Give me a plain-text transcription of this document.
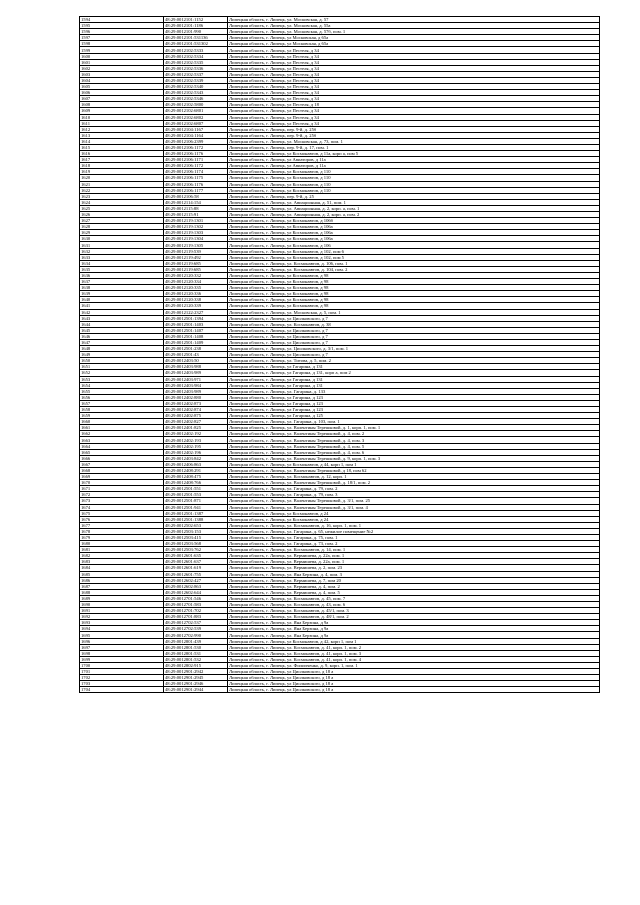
1594	48:29:0012101:1152	Липецкая область, г. Липецк, ул. Московская, д. 57
1595	48:29:0012101:1186	Липецкая область, г. Липецк, ул. Московская, д. 55а
1596	48:29:0012101:990	Липецкая область, г. Липецк, ул. Московская, д. 57б, пом. 1
1597	48:29:0012101:531136	Липецкая область, г. Липецк, ул Московская, д 65а
1598	48:29:0012101:531302	Липецкая область, г. Липецк, ул Московская, д 65а
1599	48:29:0012102:5333	Липецкая область, г. Липецк, ул Пестеля, д 34
1600	48:29:0012102:5334	Липецкая область, г. Липецк, ул Пестеля, д 34
1601	48:29:0012102:5335	Липецкая область, г. Липецк, ул Пестеля, д 34
1602	48:29:0012102:5336	Липецкая область, г. Липецк, ул Пестеля, д 34
1603	48:29:0012102:5337	Липецкая область, г. Липецк, ул Пестеля, д 34
1604	48:29:0012102:5339	Липецкая область, г. Липецк, ул Пестеля, д 34
1605	48:29:0012102:5340	Липецкая область, г. Липецк, ул Пестеля, д 34
1606	48:29:0012102:5343	Липецкая область, г. Липецк, ул Пестеля, д 34
1607	48:29:0012102:5346	Липецкая область, г. Липецк, ул Пестеля, д 34
1608	48:29:0012102:5800	Липецкая область, г. Липецк, ул Пестеля, д 18
1609	48:29:0012102:6801	Липецкая область, г. Липецк, ул Пестеля, д 34
1610	48:29:0012102:6802	Липецкая область, г. Липецк, ул Пестеля, д 34
1611	48:29:0012102:6807	Липецкая область, г. Липецк, ул Пестеля, д 34
1612	48:29:0012104:1167	Липецкая область, г. Липецк, пер. 9-й, д. 25б
1613	48:29:0012104:1164	Липецкая область, г. Липецк, пер. 9-й, д. 25б
1614	48:29:0012106:2399	Липецкая область, г. Липецк, ул. Московская, д. 73, пом. 1
1615	48:29:0012106:1172	Липецкая область, г. Липецк, пер. 9-й, д. 17, пом. 1
1616	48:29:0012106:1176	Липецкая область, г. Липецк, ул Космонавтов, д 11а, корп а, пом 5
1617	48:29:0012106:1171	Липецкая область, г. Липецк, ул Авиаторов, д 11а
1618	48:29:0012106:1172	Липецкая область, г. Липецк, ул Авиаторов, д 11а
1619	48:29:0012106:1174	Липецкая область, г. Липецк, ул Космонавтов, д 110
1620	48:29:0012106:1175	Липецкая область, г. Липецк, ул Космонавтов, д 110
1621	48:29:0012106:1176	Липецкая область, г. Липецк, ул Космонавтов, д 110
1622	48:29:0012106:1177	Липецкая область, г. Липецк, ул Космонавтов, д 110
1623	48:29:0012106:58	Липецкая область, г. Липецк, пер. 9-й, д. 25
1624	48:29:0012114:154	Липецкая область, г. Липецк, ул. Авиационная, д. 51, пом. 1
1625	48:29:0012115:88	Липецкая область, г. Липецк, ул. Авиационная, д. 2, корп. а, пом. 1
1626	48:29:0012115:91	Липецкая область, г. Липецк, ул. Авиационная, д. 2, корп. а, пом. 2
1627	48:29:0012119:1301	Липецкая область, г. Липецк, ул Космонавтов, д 106б
1628	48:29:0012119:1302	Липецкая область, г. Липецк, ул Космонавтов, д 106а
1629	48:29:0012119:1303	Липецкая область, г. Липецк, ул Космонавтов, д 106а
1630	48:29:0012119:1304	Липецкая область, г. Липецк, ул Космонавтов, д 106а
1631	48:29:0012119:1305	Липецкая область, г. Липецк, ул Космонавтов, д 106
1632	48:29:0012119:539	Липецкая область, г. Липецк, ул Космонавтов, д 102, пом 6
1633	48:29:0012119:492	Липецкая область, г. Липецк, ул Космонавтов, д 102, пом 5
1634	48:29:0012119:685	Липецкая область, г. Липецк, ул. Космонавтов, д. 106, пом. 1
1635	48:29:0012119:685	Липецкая область, г. Липецк, ул. Космонавтов, д. 104, пом. 2
1636	48:29:0012120:332	Липецкая область, г. Липецк, ул Космонавтов, д 98
1637	48:29:0012120:334	Липецкая область, г. Липецк, ул Космонавтов, д 98
1638	48:29:0012120:335	Липецкая область, г. Липецк, ул Космонавтов, д 98
1639	48:29:0012120:336	Липецкая область, г. Липецк, ул Космонавтов, д 98
1640	48:29:0012120:338	Липецкая область, г. Липецк, ул Космонавтов, д 98
1641	48:29:0012120:339	Липецкая область, г. Липецк, ул Космонавтов, д 98
1642	48:29:0012122:2327	Липецкая область, г. Липецк, ул. Московская, д. 5, пом. 1
1643	48:29:0012501:1394	Липецкая область, г. Липецк, ул Циолковского, д 7
1644	48:29:0012501:1403	Липецкая область, г. Липецк, ул. Космонавтов, д. 38
1645	48:29:0012501:1407	Липецкая область, г. Липецк, ул Циолковского, д 7
1646	48:29:0012501:1408	Липецкая область, г. Липецк, ул Циолковского, д 7
1647	48:29:0012501:1409	Липецкая область, г. Липецк, ул Циолковского, д 7
1648	48:29:0012501:238	Липецкая область, г. Липецк, ул. Циолковского, д. 3/1, пом. 1
1649	48:29:0012501:43	Липецкая область, г. Липецк, ул Циолковского, д 7
1650	48:29:0012403:50	Липецкая область, г. Липецк, ул. Титова, д. 5, пом. 2
1651	48:29:0012403:988	Липецкая область, г. Липецк, ул Гагарина, д 131
1652	48:29:0012403:989	Липецкая область, г. Липецк, ул Гагарина, д 131, корп а, пом 2
1653	48:29:0012403:971	Липецкая область, г. Липецк, ул Гагарина, д 131
1654	48:29:0012403:984	Липецкая область, г. Липецк, ул Гагарина, д 131
1655	48:29:0012403:989	Липецкая область, г. Липецк, ул. Гагарина, д. 133
1656	48:29:0012402:880	Липецкая область, г. Липецк, ул Гагарина, д 123
1657	48:29:0012402:873	Липецкая область, г. Липецк, ул Гагарина, д 123
1658	48:29:0012402:874	Липецкая область, г. Липецк, ул Гагарина, д 123
1659	48:29:0012402:875	Липецкая область, г. Липецк, ул Гагарина, д 125
1660	48:29:0012402:827	Липецкая область, г. Липецк, ул. Гагарина, д. 103, пом. 1
1661	48:29:0012401:825	Липецкая область, г. Липецк, ул. Валентины Терешковой, д. 1, корп. 1, пом. 1
1662	48:29:0012402:192	Липецкая область, г. Липецк, ул. Валентины Терешковой, д. 4, пом. 2
1663	48:29:0012402:193	Липецкая область, г. Липецк, ул. Валентины Терешковой, д. 4, пом. 3
1664	48:29:0012402:195	Липецкая область, г. Липецк, ул. Валентины Терешковой, д. 4, пом. 5
1665	48:29:0012402:196	Липецкая область, г. Липецк, ул. Валентины Терешковой, д. 4, пом. 6
1666	48:29:0012403:842	Липецкая область, г. Липецк, ул. Валентины Терешковой, д. 9, корп. 1, пом. 3
1667	48:29:0012406:863	Липецкая область, г. Липецк, ул Космонавтов, д 44, корп 1, пом 1
1668	48:29:0012408:291	Липецкая область, г. Липецк, ул. Валентины Терешковой, д 18, пом 62
1669	48:29:0012408:475	Липецкая область, г. Липецк, ул. Космонавтов, д. 12, корп. 1
1670	48:29:0012408:766	Липецкая область, г. Липецк, ул. Валентины Терешковой, д. 18/1, пом. 2
1671	48:29:0012501:551	Липецкая область, г. Липецк, ул. Гагарина, д. 79, пом. 2
1672	48:29:0012501:553	Липецкая область, г. Липецк, ул. Гагарина, д. 79, пом. 3
1673	48:29:0012501:871	Липецкая область, г. Липецк, ул. Валентины Терешковой, д. 3/1, пом. 25
1674	48:29:0012501:941	Липецкая область, г. Липецк, ул. Валентины Терешковой, д. 3/1, пом. 4
1675	48:29:0012501:1387	Липецкая область, г. Липецк, ул Космонавтов, д 24
1676	48:29:0012501:1388	Липецкая область, г. Липецк, ул Космонавтов, д 24
1677	48:29:0012502:653	Липецкая область, г. Липецк, ул. Космонавтов, д. 16, корп. 1, пом. 1
1678	48:29:0012503:153	Липецкая область, г. Липецк, ул. Гагарина, д. 65, нежилое помещение №2
1679	48:29:0012503:415	Липецкая область, г. Липецк, ул. Гагарина, д. 75, пом. 1
1680	48:29:0012503:568	Липецкая область, г. Липецк, ул. Гагарина, д. 73, пом. 2
1681	48:29:0012503:762	Липецкая область, г. Липецк, ул. Космонавтов, д. 14, пом. 1
1682	48:29:0012601:635	Липецкая область, г. Липецк, ул. Вермишева, д. 22а, пом. 1
1683	48:29:0012601:637	Липецкая область, г. Липецк, ул. Вермишева, д. 22а, пом. 1
1684	48:29:0012601:619	Липецкая область, г. Липецк, ул. Вермишева, д. 2, пом. 23
1685	48:29:0012601:755	Липецкая область, г. Липецк, ул. Яна Берзина, д. 4, пом. 3
1686	48:29:0012602:427	Липецкая область, г. Липецк, ул. Вермишева, д. 7, пом 20
1687	48:29:0012602:863	Липецкая область, г. Липецк, ул. Вермишева, д. 4, пом. 2
1688	48:29:0012602:644	Липецкая область, г. Липецк, ул. Вермишева, д. 4, пом. 5
1689	48:29:0012701:546	Липецкая область, г. Липецк, ул. Космонавтов, д. 45, пом. 7
1690	48:29:0012701:583	Липецкая область, г. Липецк, ул. Космонавтов, д. 43, пом. 6
1691	48:29:0012701:702	Липецкая область, г. Липецк, ул. Космонавтов, д. 45/1, пом. 3
1692	48:29:0012701:883	Липецкая область, г. Липецк, ул. Космонавтов, д. 48/1, пом. 2
1693	48:29:0012702:537	Липецкая область, г. Липецк, ул. Яна Берзина, д 9а
1694	48:29:0012702:539	Липецкая область, г. Липецк, ул. Яна Берзина, д 9а
1695	48:29:0012702:990	Липецкая область, г. Липецк, ул. Яна Берзина, д 9а
1696	48:29:0012801:439	Липецкая область, г. Липецк, ул Космонавтов, д 42, корп 1, пом 1
1697	48:29:0012801:530	Липецкая область, г. Липецк, ул. Космонавтов, д. 41, корп. 1, пом. 2
1698	48:29:0012801:531	Липецкая область, г. Липецк, ул. Космонавтов, д. 41, корп. 1, пом. 3
1699	48:29:0012801:532	Липецкая область, г. Липецк, ул. Космонавтов, д. 41, корп. 1, пом. 4
1700	48:29:0012802:915	Липецкая область, г. Липецк, ул. Филипченко, д. 9, корп. 1, пом. 1
1701	48:29:0012901:2942	Липецкая область, г. Липецк, ул Циолковского, д 18 а
1702	48:29:0012901:2945	Липецкая область, г. Липецк, ул Циолковского, д 18 а
1703	48:29:0012901:2946	Липецкая область, г. Липецк, ул Циолковского, д 18 а
1704	48:29:0012901:2944	Липецкая область, г. Липецк, ул Циолковского, д 18 а
